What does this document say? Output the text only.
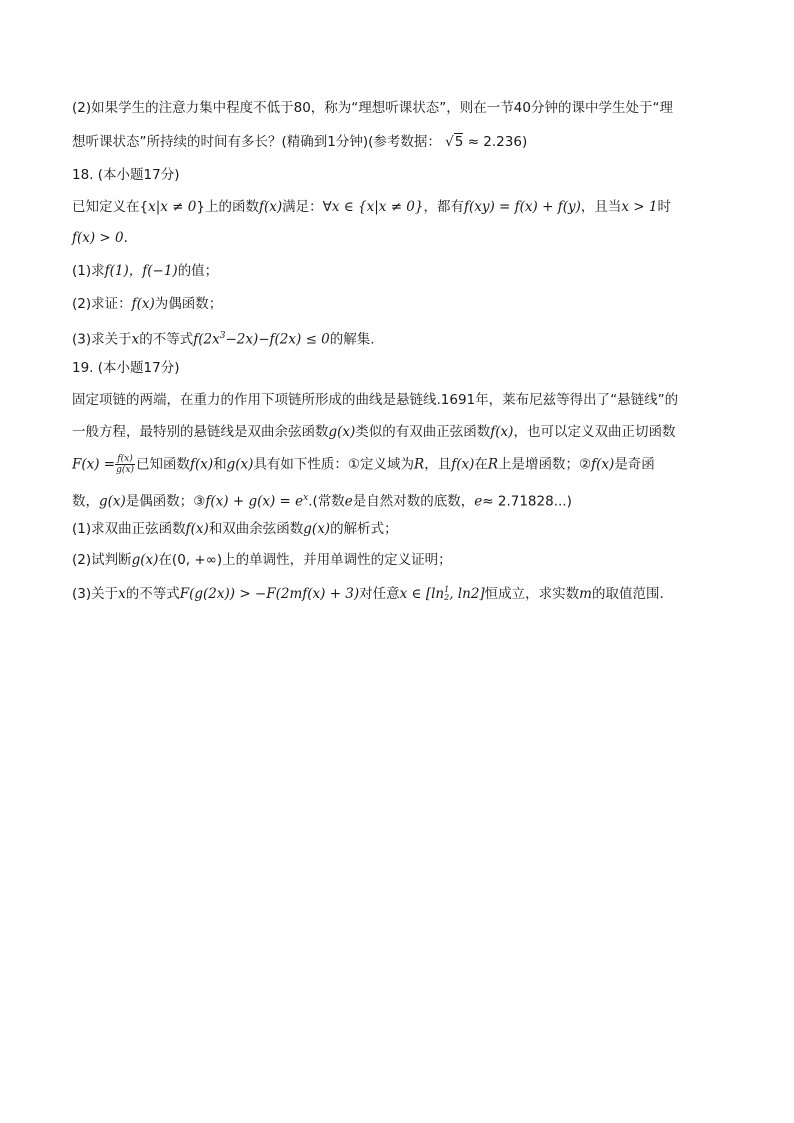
(2)如果学生的注意力集中程度不低于80，称为“理想听课状态”，则在一节40分钟的课中学生处于“理
想听课状态”所持续的时间有多长？(精确到1分钟)(参考数据： √5 ≈ 2.236)
18. (本小题17分)
已知定义在{x|x ≠ 0}上的函数f(x)满足：∀x ∈ {x|x ≠ 0}，都有f(xy) = f(x) + f(y)，且当x > 1时
f(x) > 0.
(1)求f(1)，f(−1)的值；
(2)求证：f(x)为偶函数；
(3)求关于x的不等式$f(2x^3-2x)-f(2x) \le 0$的解集.
19. (本小题17分)
固定项链的两端，在重力的作用下项链所形成的曲线是悬链线.1691年，莱布尼兹等得出了“悬链线”的
一般方程，最特别的悬链线是双曲余弦函数g(x)类似的有双曲正弦函数f(x)，也可以定义双曲正切函数
$F(x) = \frac{f(x)}{g(x)}$ 已知函数f(x)和g(x)具有如下性质：①定义域为R，且f(x)在R上是增函数；②f(x)是奇函
数，g(x)是偶函数；③f(x) + $g(x) = e^x$.(常数e是自然对数的底数，e≈ 2.71828...)
(1)求双曲正弦函数f(x)和双曲余弦函数g(x)的解析式；
(2)试判断g(x)在(0, +∞)上的单调性，并用单调性的定义证明；
(3)关于x的不等式F(g(2x)) > −F(2mf(x) + 3)对任意x ∈ [ln 1
2 , ln2]恒成立，求实数m的取值范围.
